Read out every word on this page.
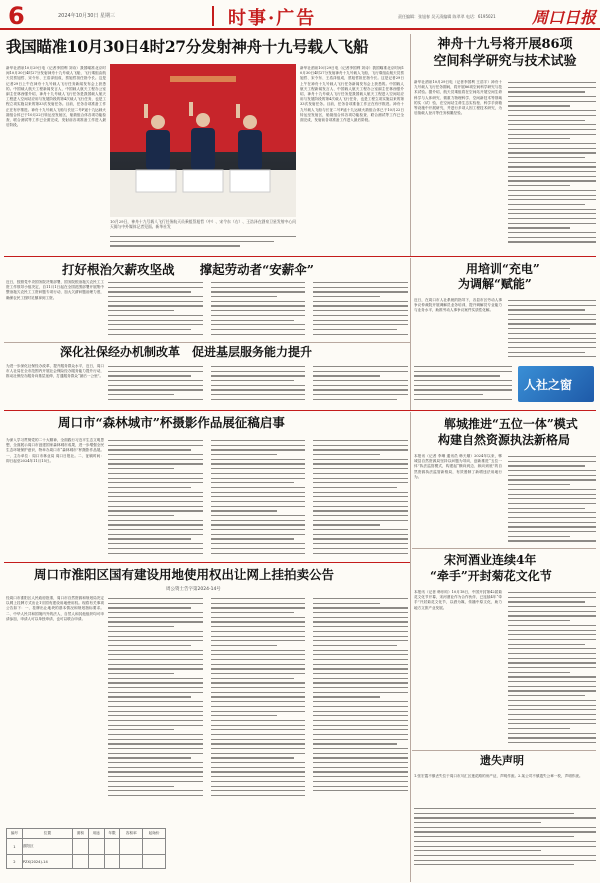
6	2024年10月30日 星期三	时事·广告	责任编辑：张旭春 吴天清编辑 陈翠翠 电话：6195021 周口日报
我国瞄准10月30日4时27分发射神舟十九号载人飞船
新华社酒泉10月29日电（记者李国利 刘诗）我国瞄准北京时间10月30日4时27分发射神舟十九号载人飞船，飞行乘组由航天员蔡旭哲、宋令东、王浩泽组成，蔡旭哲担任指令长。这是记者29日上午在神舟十九号载人飞行任务新闻发布会上获悉的。中国载人航天工程新闻发言人、中国载人航天工程办公室副主任林西强介绍，神舟十九号载人飞行任务是我国载人航天工程进入空间站应用与发展阶段的第4次载人飞行任务，也是工程立项实施以来的第33次发射任务。目前，任务各项准备工作正在有序推进。神舟十九号载人飞船与长征二号F遥十九运载火箭组合体已于10月22日转运至发射区，船箭组合体各项功能检查、联合测试等工作已全面完成，发射前各项准备工作进入最后阶段。
10月29日，神舟十九号载人飞行任务航天员乘组蔡旭哲（中）、宋令东（右）、王浩泽在酒泉卫星发射中心问天阁与中外媒体记者见面。新华社发
新华社酒泉10月29日电（记者李国利 刘诗）我国瞄准北京时间10月30日4时27分发射神舟十九号载人飞船，飞行乘组由航天员蔡旭哲、宋令东、王浩泽组成，蔡旭哲担任指令长。这是记者29日上午在神舟十九号载人飞行任务新闻发布会上获悉的。中国载人航天工程新闻发言人、中国载人航天工程办公室副主任林西强介绍，神舟十九号载人飞行任务是我国载人航天工程进入空间站应用与发展阶段的第4次载人飞行任务，也是工程立项实施以来的第33次发射任务。目前，任务各项准备工作正在有序推进。神舟十九号载人飞船与长征二号F遥十九运载火箭组合体已于10月22日转运至发射区，船箭组合体各项功能检查、联合测试等工作已全面完成，发射前各项准备工作进入最后阶段。
神舟十九号将开展86项
空间科学研究与技术试验
新华社酒泉10月29日电（记者李国利 王浩宇）神舟十九号载人飞行任务期间，将开展86项空间科学研究与技术试验。据介绍，航天员乘组将在空间站开展空间生命科学与人体研究、微重力物理科学、空间新技术等领域的实（试）验，在空间站生命生态实验柜、科学手套箱等设施中开展研究，并进行多项人因工程技术研究，为后续载人登月等任务积累经验。
打好根治欠薪攻坚战 撑起劳动者“安薪伞”
近日，按照党中央国务院决策部署，国务院根治拖欠农民工工资工作领导小组决定，自11月1日起在全国范围部署开展集中整治拖欠农民工工资问题专项行动，加大欠薪问题治理力度，确保农民工按时足额拿到工资。
深化社保经办机制改革　促进基层服务能力提升
为进一步深化社保经办改革，提升服务群众水平，近日，周口市人社局在全市范围内开展社会保险经办服务能力提升行动，推动社保经办服务向基层延伸，打通服务群众“最后一公里”。
用培训“充电”
为调解“赋能”
近日，在周口市人社系统的指导下，各县市区劳动人事争议仲裁院开展调解员业务培训，提升调解员专业能力与业务水平，助推劳动人事争议案件实质性化解。
人社之窗
周口市“森林城市”杯摄影作品展征稿启事
为深入学习贯彻党的二十大精神，全面践行习近平生态文明思想，全面展示周口市创建国家森林城市成果，进一步增强全民生态环境保护意识，特举办周口市“森林城市”杯摄影作品展。一、主办单位：周口市林业局 周口日报社。二、征稿时间：即日起至2024年11月15日。
郸城推进“五位一体”模式
构建自然资源执法新格局
本报讯（记者 李琳 通讯员 韩天顺）2024年以来，郸城县自然资源局坚持以问题为导向，创新推进“五位一体”执法监管模式，构建起“横向到边、纵向到底”的自然资源执法监管新格局，有效遏制了新增违法用地行为。
宋河酒业连续4年
“牵手”开封菊花文化节
本报讯（记者 韩东昀）10月18日，中国开封第42届菊花文化节开幕，宋河酒业作为合作伙伴，已连续4年“牵手”开封菊花文化节，以酒为媒，传播中原文化，助力地方文旅产业发展。
遗失声明
1.张宏霞不慎丢失位于周口市川汇区莲花路的房产证，声明作废。2.某公司不慎遗失公章一枚，声明作废。
周口市淮阳区国有建设用地使用权出让网上挂拍卖公告
周公资土告字第2024-14号
经周口市淮阳区人民政府批准，周口市自然资源和规划局决定以网上挂牌方式出让1宗国有建设用地使用权。现将有关事项公告如下：一、挂牌出让地块的基本情况和规划指标要求。二、中华人民共和国境内外的法人、自然人和其他组织均可申请参加，申请人可以单独申请，也可以联合申请。
编号	位置	面积	用途	年限	容积率	起始价
1	淮阳区					
2	PZX(2024)-14					
